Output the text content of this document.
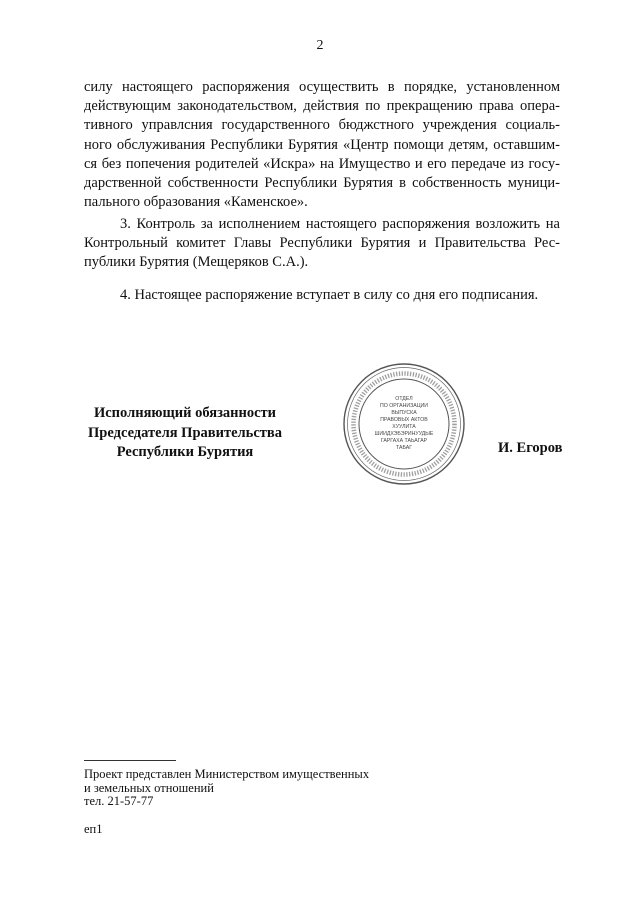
2
силу настоящего распоряжения осуществить в порядке, установленном
действующим законодательством, действия по прекращению права опера-
тивного управлсния государственного бюджстного учреждения социаль-
ного обслуживания Республики Бурятия «Центр помощи детям, оставшим-
ся без попечения родителей «Искра» на Имущество и его передаче из госу-
дарственной собственности Республики Бурятия в собственность муници-
пального образования «Каменское».
3. Контроль за исполнением настоящего распоряжения возложить на
Контрольный комитет Главы Республики Бурятия и Правительства Рес-
публики Бурятия (Мещеряков С.А.).
4. Настоящее распоряжение вступает в силу со дня его подписания.
Исполняющий обязанности
Председателя Правительства
Республики Бурятия
ОТДЕЛ
ПО ОРГАНИЗАЦИИ
ВЫПУСКА
ПРАВОВЫХ АКТОВ
ХУУЛИТА
ШИИДХЭБЭРИНУУДЫЕ
ГАРГАХА ТАЬАГАР
ТАБАГ	И. Егоров
Проект представлен Министерством имущественных
и земельных отношений
тел. 21-57-77
еп1
